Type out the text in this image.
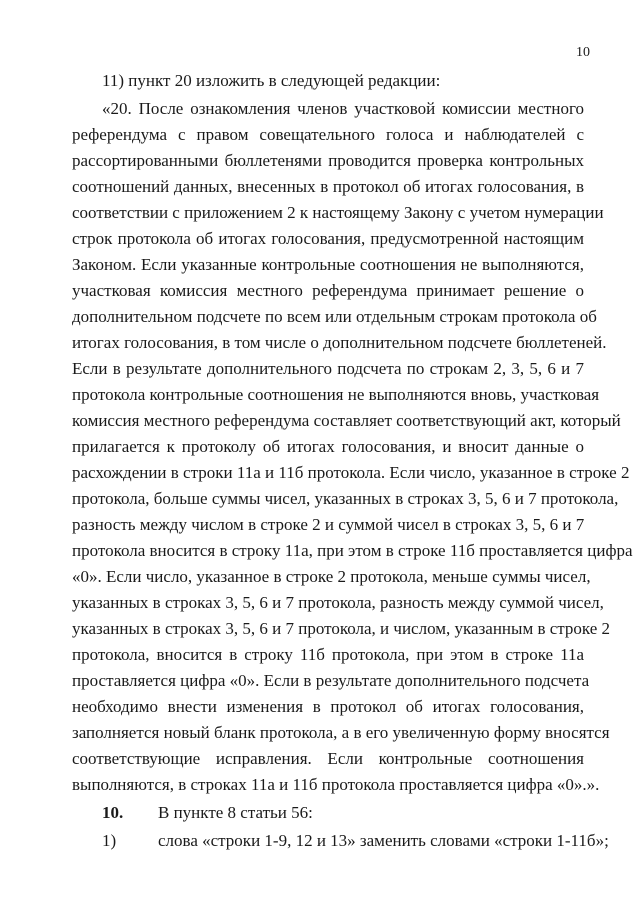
10
11) пункт 20 изложить в следующей редакции:
«20. После ознакомления членов участковой комиссии местного
референдума с правом совещательного голоса и наблюдателей с
рассортированными бюллетенями проводится проверка контрольных
соотношений данных, внесенных в протокол об итогах голосования, в
соответствии с приложением 2 к настоящему Закону с учетом нумерации
строк протокола об итогах голосования, предусмотренной настоящим
Законом. Если указанные контрольные соотношения не выполняются,
участковая комиссия местного референдума принимает решение о
дополнительном подсчете по всем или отдельным строкам протокола об
итогах голосования, в том числе о дополнительном подсчете бюллетеней.
Если в результате дополнительного подсчета по строкам 2, 3, 5, 6 и 7
протокола контрольные соотношения не выполняются вновь, участковая
комиссия местного референдума составляет соответствующий акт, который
прилагается к протоколу об итогах голосования, и вносит данные о
расхождении в строки 11а и 11б протокола. Если число, указанное в строке 2
протокола, больше суммы чисел, указанных в строках 3, 5, 6 и 7 протокола,
разность между числом в строке 2 и суммой чисел в строках 3, 5, 6 и 7
протокола вносится в строку 11а, при этом в строке 11б проставляется цифра
«0». Если число, указанное в строке 2 протокола, меньше суммы чисел,
указанных в строках 3, 5, 6 и 7 протокола, разность между суммой чисел,
указанных в строках 3, 5, 6 и 7 протокола, и числом, указанным в строке 2
протокола, вносится в строку 11б протокола, при этом в строке 11а
проставляется цифра «0». Если в результате дополнительного подсчета
необходимо внести изменения в протокол об итогах голосования,
заполняется новый бланк протокола, а в его увеличенную форму вносятся
соответствующие исправления. Если контрольные соотношения
выполняются, в строках 11а и 11б протокола проставляется цифра «0».».
10.	В пункте 8 статьи 56:
1)	слова «строки 1-9, 12 и 13» заменить словами «строки 1-11б»;
